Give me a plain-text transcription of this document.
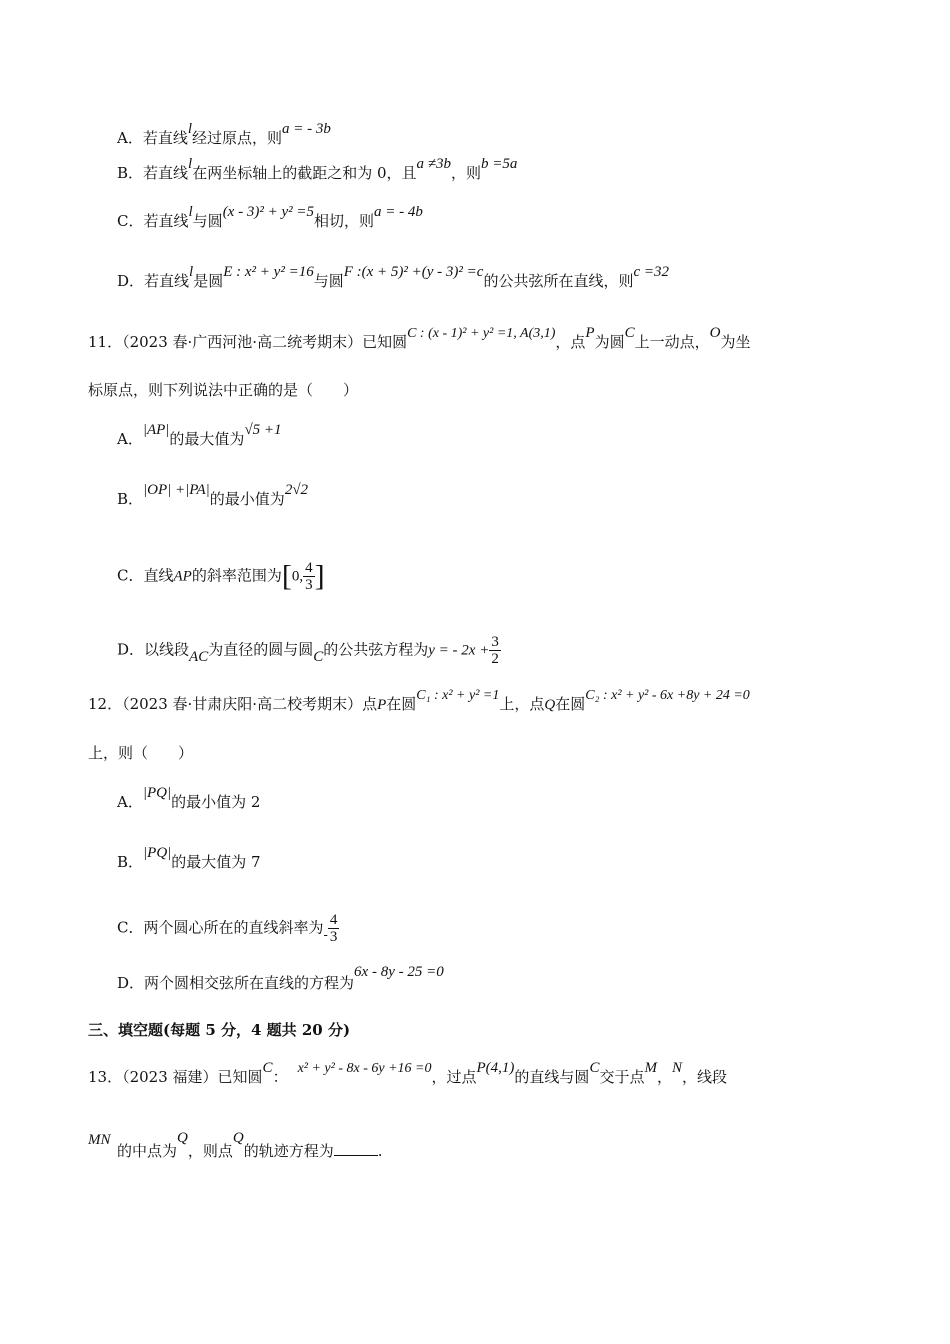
A．若直线l经过原点，则a = - 3b
B．若直线l在两坐标轴上的截距之和为 0，且a ≠3b，则b =5a
C．若直线l与圆(x - 3)² + y² =5相切，则a = - 4b
D．若直线l是圆E : x² + y² =16与圆F :(x + 5)² +(y - 3)² =c的公共弦所在直线，则c =32
11．（2023 春·广西河池·高二统考期末）已知圆C : (x - 1)² + y² =1, A(3,1)，点P为圆C上一动点，O为坐
标原点，则下列说法中正确的是（　　）
A．|AP|的最大值为√5 +1
B．|OP| +|PA|的最小值为2√2
C．直线AP的斜率范围为[0, $\frac{4}{3}$ ]
D．以线段AC为直径的圆与圆C的公共弦方程为y = - $2x + \frac{3}{2}$
12．（2023 春·甘肃庆阳·高二校考期末）点P在圆C₁ : x² + y² =1上，点Q在圆C₂ : x² + y² - 6x +8y + 24 =0
上，则（　　）
A．|PQ|的最小值为 2
B．|PQ|的最大值为 7
C．两个圆心所在的直线斜率为- $\frac{4}{3}$
D．两个圆相交弦所在直线的方程为6x - 8y - 25 =0
三、填空题(每题 5 分，4 题共 20 分)
13．（2023 福建）已知圆C： x² + y² - 8x - 6y +16 =0，过点P(4,1)的直线与圆C交于点M，N，线段
MN
的中点为Q，则点Q的轨迹方程为	.
